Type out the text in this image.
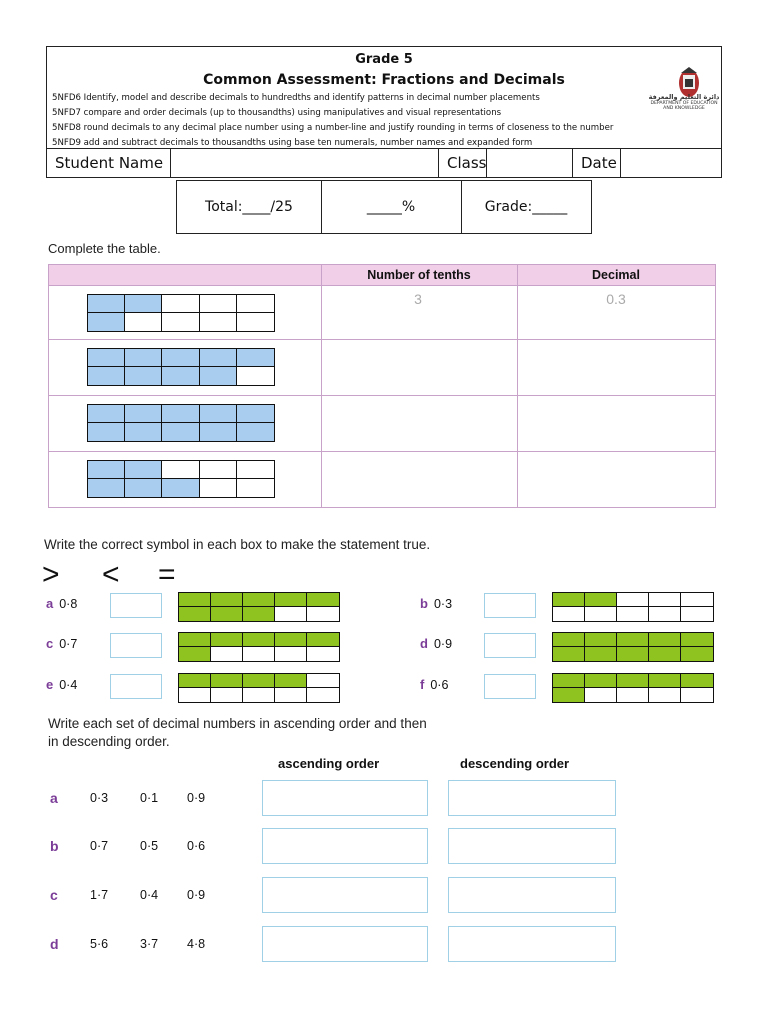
Grade 5
Common Assessment: Fractions and Decimals
5NFD6 Identify, model and describe decimals to hundredths and identify patterns in decimal number placements
5NFD7 compare and order decimals (up to thousandths) using manipulatives and visual representations
5NFD8 round decimals to any decimal place number using a number-line and justify rounding in terms of closeness to the number
5NFD9 add and subtract decimals to thousandths using base ten numerals, number names and expanded form
دائرة التعليم والمعرفة
DEPARTMENT OF EDUCATION AND KNOWLEDGE
Student Name	Class	Date
Total:____/25	_____%	Grade:_____
Complete the table.
Number of tenths	Decimal
3	0.3
Write the correct symbol in each box to make the statement true.
> < =
a 0·8	b 0·3
c 0·7	d 0·9
e 0·4	f 0·6
Write each set of decimal numbers in ascending order and then
in descending order.
ascending order	descending order
a	0·3	0·1 0·9
b	0·7	0·5 0·6
c	1·7	0·4 0·9
d	5·6	3·7 4·8
